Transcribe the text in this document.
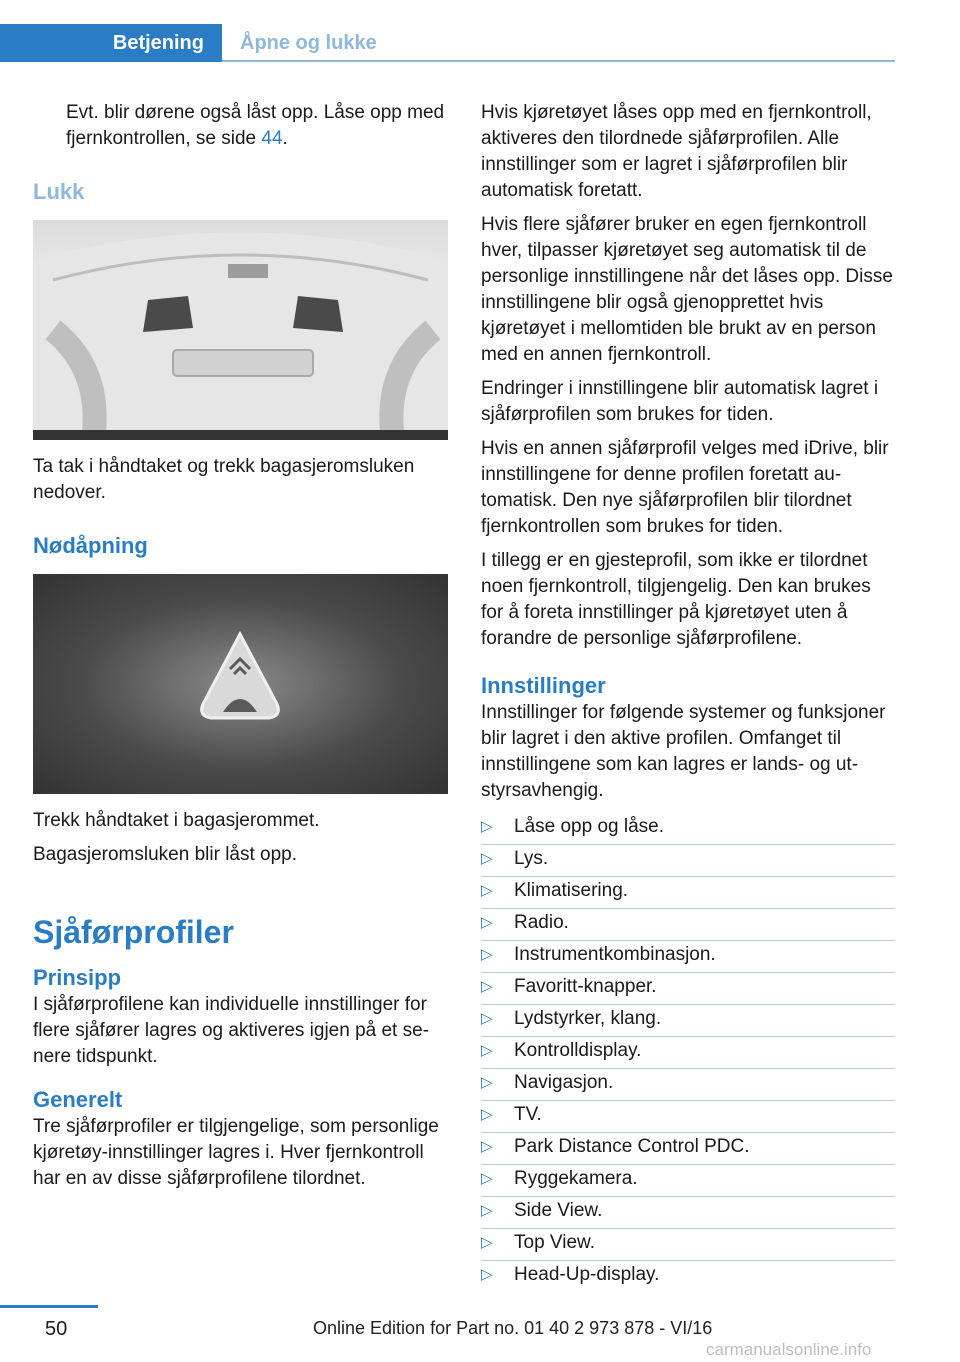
Betjening	Åpne og lukke

Evt. blir dørene også låst opp. Låse opp med fjernkontrollen, se side 44.

Lukk

Ta tak i håndtaket og trekk bagasjeromsluken nedover.

Nødåpning

Trekk håndtaket i bagasjerommet.

Bagasjeromsluken blir låst opp.

Sjåførprofiler
Prinsipp

I sjåførprofilene kan individuelle innstillinger for flere sjåfører lagres og aktiveres igjen på et senere tidspunkt.

Generelt

Tre sjåførprofiler er tilgjengelige, som personlige kjøretøy-innstillinger lagres i. Hver fjernkontroll har en av disse sjåførprofilene tilordnet.

Hvis kjøretøyet låses opp med en fjernkontroll, aktiveres den tilordnede sjåførprofilen. Alle innstillinger som er lagret i sjåførprofilen blir automatisk foretatt.

Hvis flere sjåfører bruker en egen fjernkontroll hver, tilpasser kjøretøyet seg automatisk til de personlige innstillingene når det låses opp. Disse innstillingene blir også gjenopprettet hvis kjøretøyet i mellomtiden ble brukt av en person med en annen fjernkontroll.

Endringer i innstillingene blir automatisk lagret i sjåførprofilen som brukes for tiden.

Hvis en annen sjåførprofil velges med iDrive, blir innstillingene for denne profilen foretatt automatisk. Den nye sjåførprofilen blir tilordnet fjernkontrollen som brukes for tiden.

I tillegg er en gjesteprofil, som ikke er tilordnet noen fjernkontroll, tilgjengelig. Den kan brukes for å foreta innstillinger på kjøretøyet uten å forandre de personlige sjåførprofilene.

Innstillinger

Innstillinger for følgende systemer og funksjoner blir lagret i den aktive profilen. Omfanget til innstillingene som kan lagres er lands- og utstyrsavhengig.

▷ Låse opp og låse.
▷ Lys.
▷ Klimatisering.
▷ Radio.
▷ Instrumentkombinasjon.
▷ Favoritt-knapper.
▷ Lydstyrker, klang.
▷ Kontrolldisplay.
▷ Navigasjon.
▷ TV.
▷ Park Distance Control PDC.
▷ Ryggekamera.
▷ Side View.
▷ Top View.
▷ Head-Up-display.
50	Online Edition for Part no. 01 40 2 973 878 - VI/16
carmanualsonline.info
